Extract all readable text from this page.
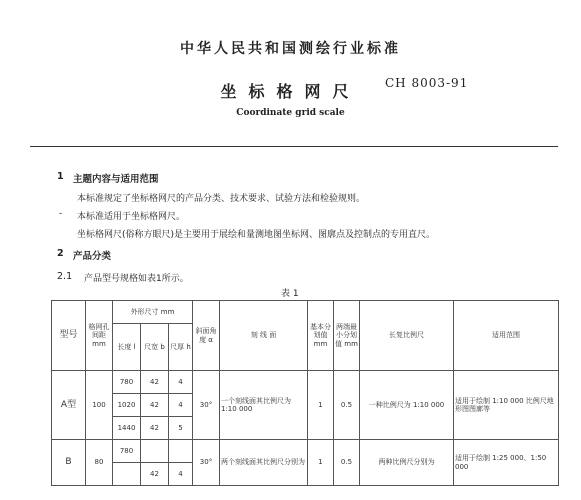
中华人民共和国测绘行业标准
坐标格网尺	CH 8003-91
Coordinate grid scale
1 主题内容与适用范围
本标准规定了坐标格网尺的产品分类、技术要求、试验方法和检验规则。
- 本标准适用于坐标格网尺。
坐标格网尺(俗称方眼尺)是主要用于展绘和量测地图坐标网、图廓点及控制点的专用直尺。
2 产品分类
2.1 产品型号规格如表1所示。
表 1
型号	格网孔间距 mm	外形尺寸 mm			斜面角度 α	刻 线 面	基本分划值 mm	两端最小分划值 mm	长复比例尺	适用范围
		长度 l	尺宽 b	尺厚 h						
A型	100	780	42	4	30°	一个刻线面其比例尺为 1:10 000	1	0.5	一种比例尺为 1:10 000	适用于绘制 1:10 000 比例尺地形图图廓等
		1020	42	4						
		1440	42	5						
B	80	780			30°	两个刻线面其比例尺分别为	1	0.5	两种比例尺分别为	适用于绘制 1:25 000、1:50 000
			42	4						
